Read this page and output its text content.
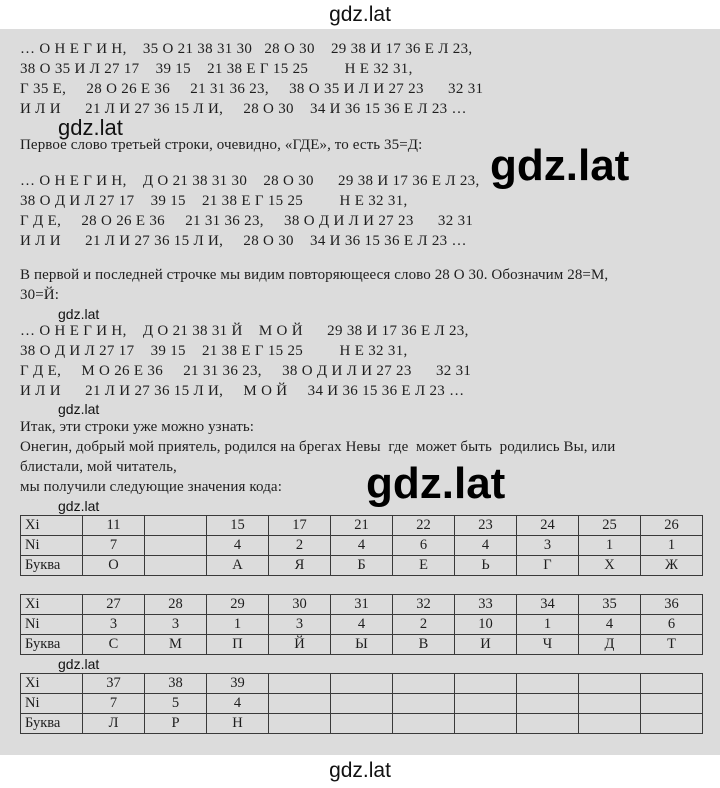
gdz.lat
… О Н Е Г И Н,    35 О 21 38 31 30   28 О 30    29 38 И 17 36 Е Л 23,
38 О 35 И Л 27 17    39 15    21 38 Е Г 15 25         Н Е 32 31,
Г 35 Е,     28 О 26 Е 36     21 31 36 23,     38 О 35 И Л И 27 23      32 31
И Л И      21 Л И 27 36 15 Л И,     28 О 30    34 И 36 15 36 Е Л 23 …
gdz.lat
Первое слово третьей строки, очевидно, «ГДЕ», то есть 35=Д: gdz.lat
… О Н Е Г И Н,    Д О 21 38 31 30    28 О 30      29 38 И 17 36 Е Л 23,
38 О Д И Л 27 17    39 15    21 38 Е Г 15 25         Н Е 32 31,
Г Д Е,     28 О 26 Е 36     21 31 36 23,     38 О Д И Л И 27 23      32 31
И Л И      21 Л И 27 36 15 Л И,     28 О 30    34 И 36 15 36 Е Л 23 …
В первой и последней строчке мы видим повторяющееся слово 28 О 30. Обозначим 28=М,
30=Й:
gdz.lat
… О Н Е Г И Н,    Д О 21 38 31 Й    М О Й      29 38 И 17 36 Е Л 23,
38 О Д И Л 27 17    39 15    21 38 Е Г 15 25         Н Е 32 31,
Г Д Е,     М О 26 Е 36     21 31 36 23,     38 О Д И Л И 27 23      32 31
И Л И      21 Л И 27 36 15 Л И,     М О Й     34 И 36 15 36 Е Л 23 …
gdz.lat
Итак, эти строки уже можно узнать:
Онегин, добрый мой приятель, родился на брегах Невы  где  может быть  родились Вы, или
блистали, мой читатель,
мы получили следующие значения кода: gdz.lat
gdz.lat
Xi	11		15	17	21	22	23	24	25	26
Ni	7		4	2	4	6	4	3	1	1
Буква	О		А	Я	Б	Е	Ь	Г	Х	Ж
Xi	27	28	29	30	31	32	33	34	35	36
Ni	3	3	1	3	4	2	10	1	4	6
Буква	С	М	П	Й	Ы	В	И	Ч	Д	Т
gdz.lat
Xi	37	38	39							
Ni	7	5	4							
Буква	Л	Р	Н							
gdz.lat
